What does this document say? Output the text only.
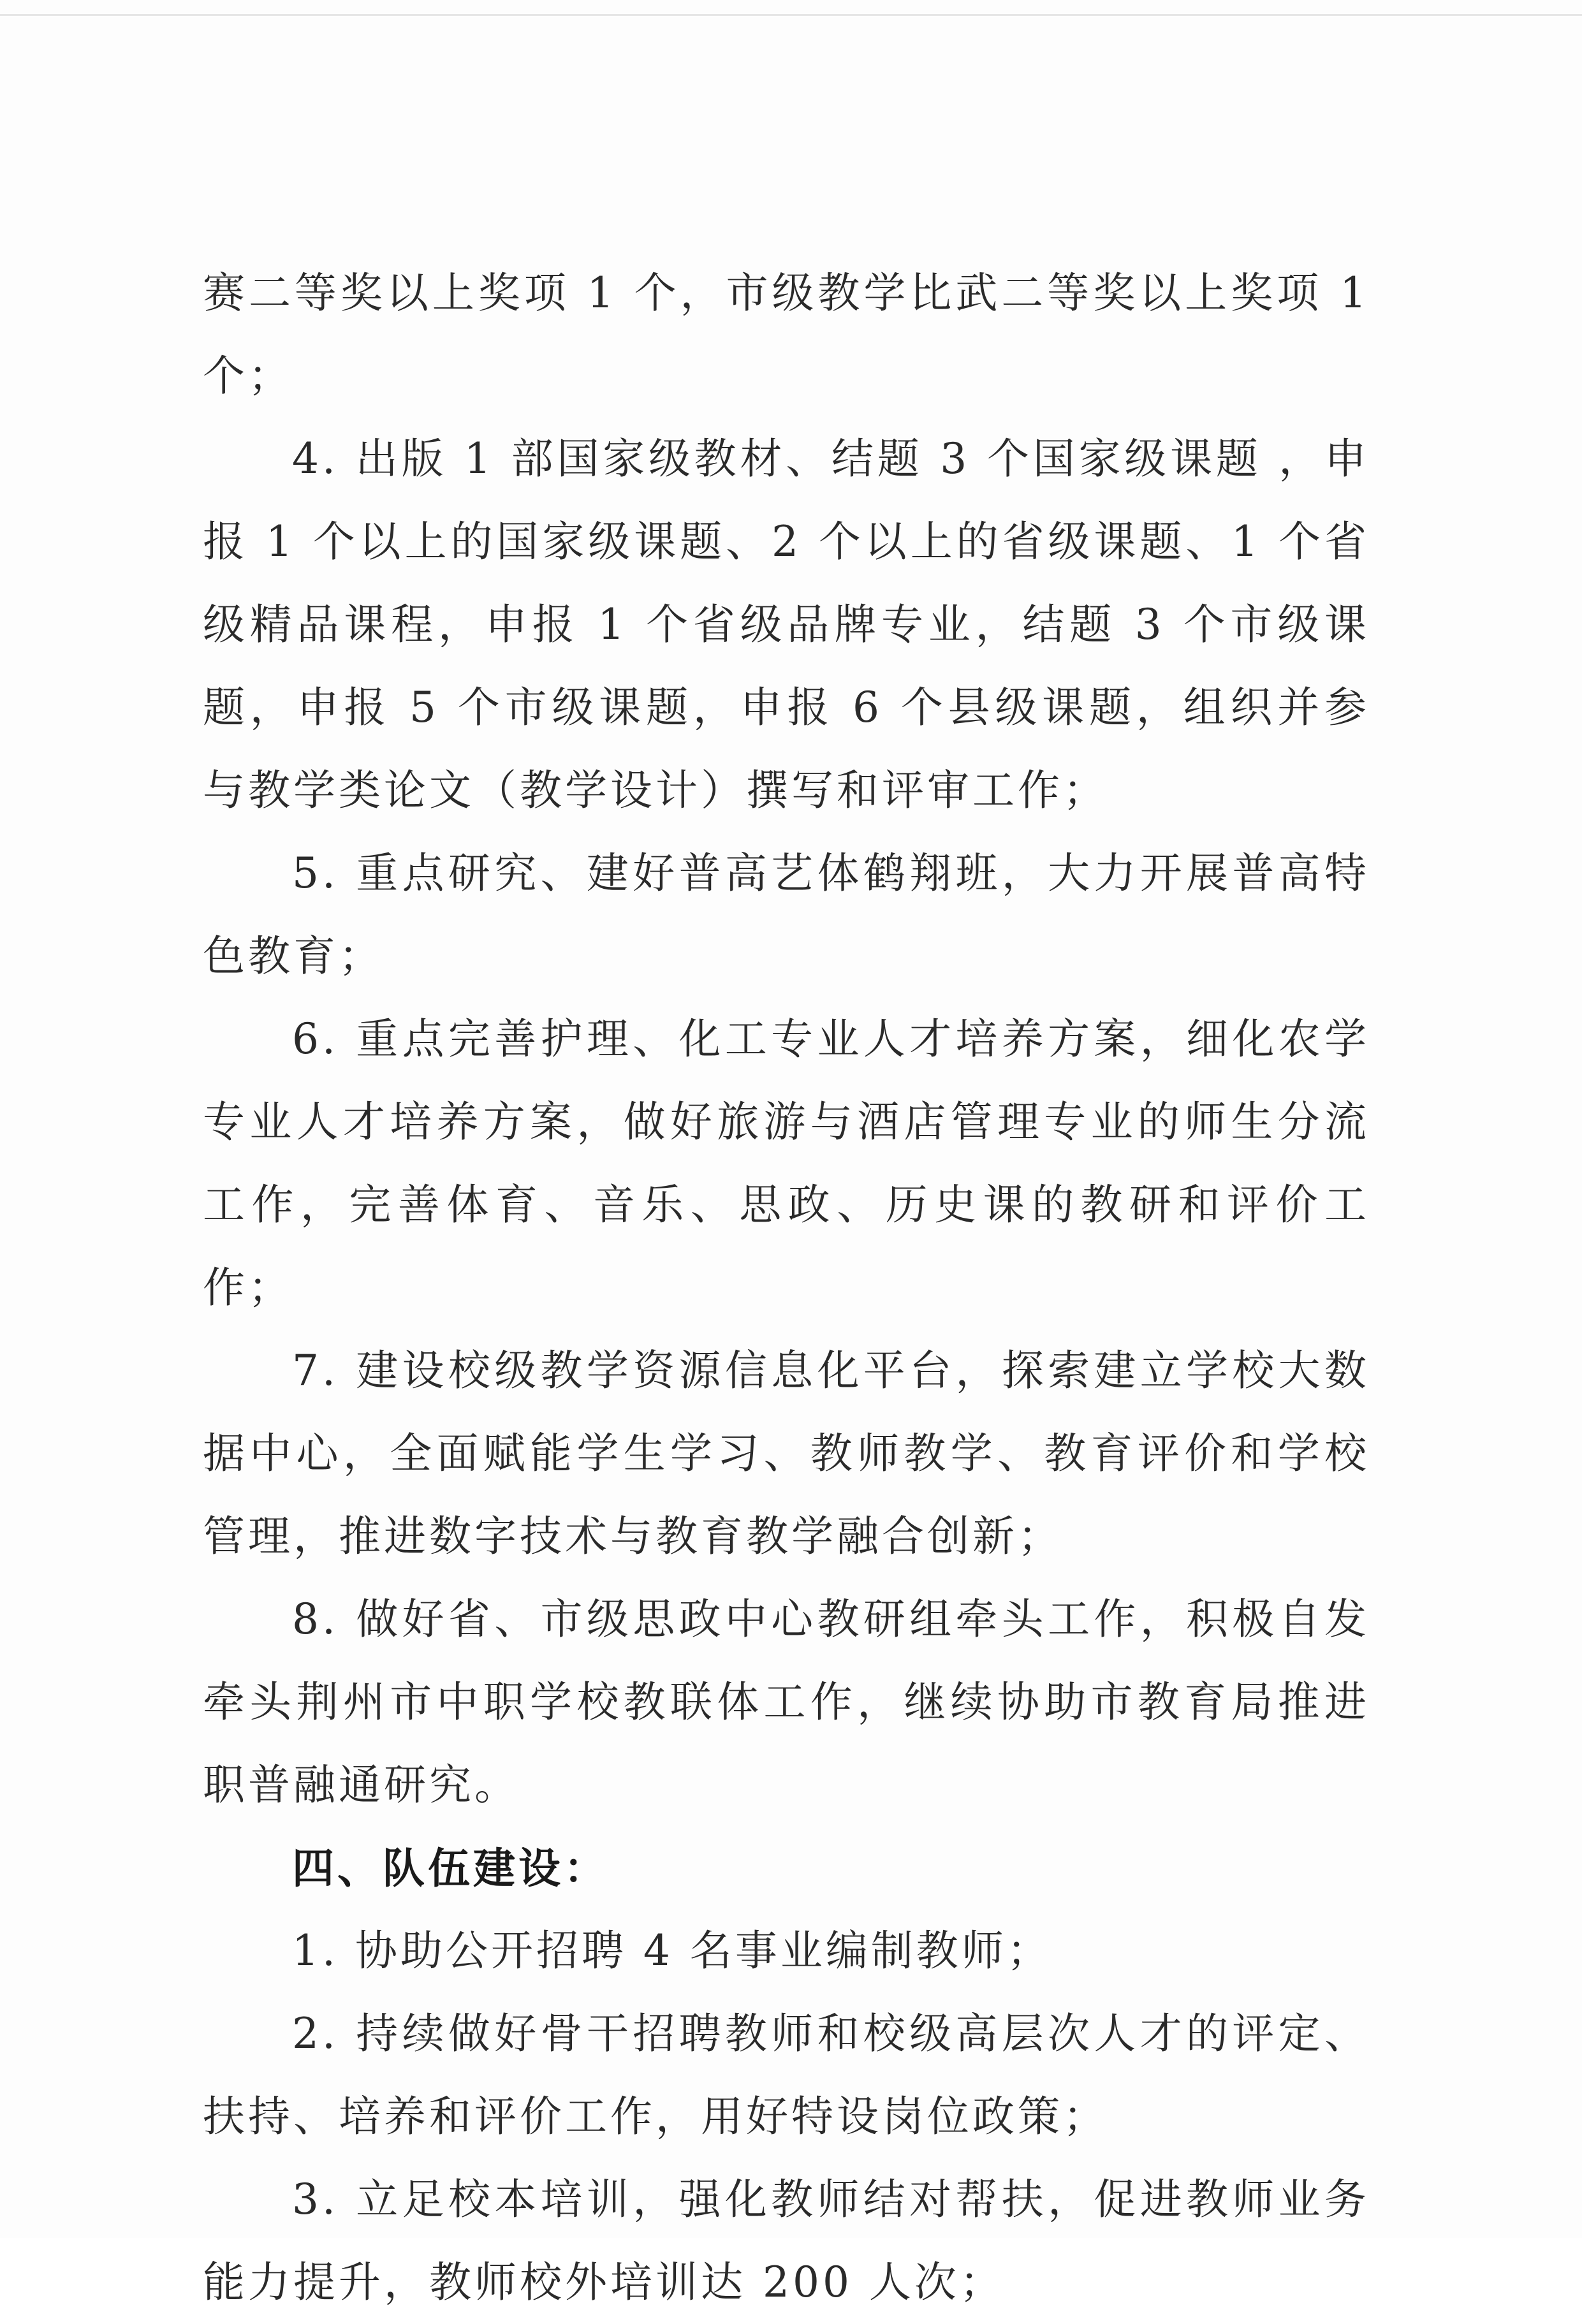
赛二等奖以上奖项 1 个，市级教学比武二等奖以上奖项 1 个；

4. 出版 1 部国家级教材、结题 3 个国家级课题 ，申报 1 个以上的国家级课题、2 个以上的省级课题、1 个省级精品课程，申报 1 个省级品牌专业，结题 3 个市级课题，申报 5 个市级课题，申报 6 个县级课题，组织并参与教学类论文（教学设计）撰写和评审工作；

5. 重点研究、建好普高艺体鹤翔班，大力开展普高特色教育；

6. 重点完善护理、化工专业人才培养方案，细化农学专业人才培养方案，做好旅游与酒店管理专业的师生分流工作，完善体育、音乐、思政、历史课的教研和评价工作；

7. 建设校级教学资源信息化平台，探索建立学校大数据中心，全面赋能学生学习、教师教学、教育评价和学校管理，推进数字技术与教育教学融合创新；

8. 做好省、市级思政中心教研组牵头工作，积极自发牵头荆州市中职学校教联体工作，继续协助市教育局推进职普融通研究。

四、队伍建设：

1. 协助公开招聘 4 名事业编制教师；

2. 持续做好骨干招聘教师和校级高层次人才的评定、扶持、培养和评价工作，用好特设岗位政策；

3. 立足校本培训，强化教师结对帮扶，促进教师业务能力提升，教师校外培训达 200 人次；
